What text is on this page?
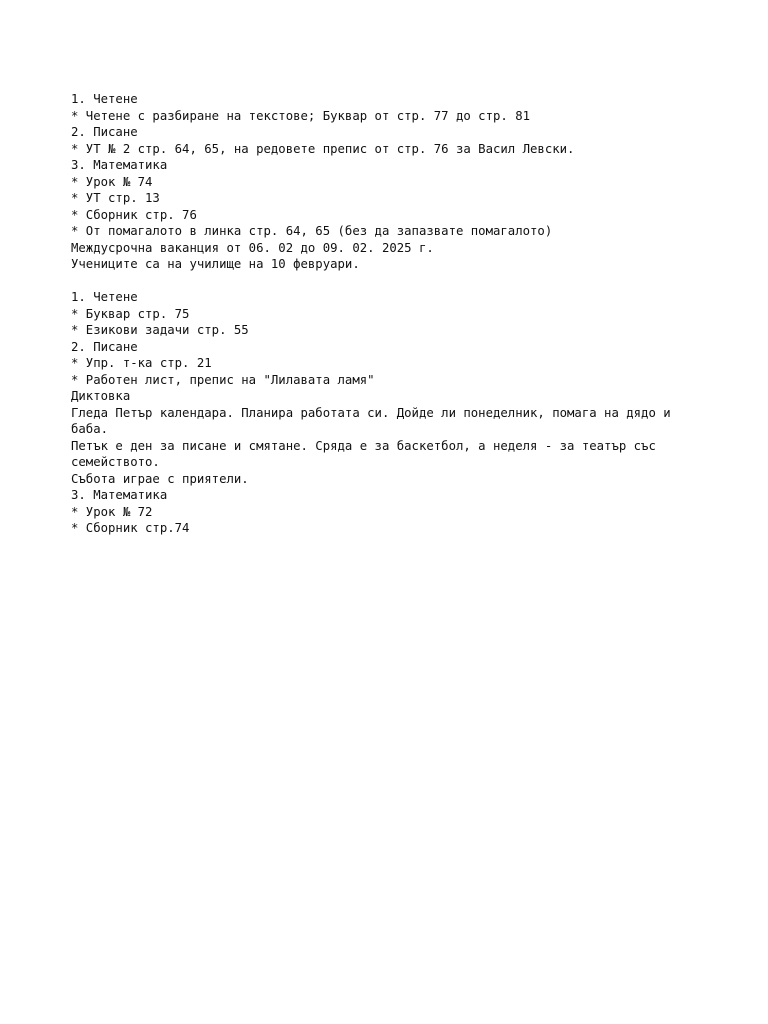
1. Четене
* Четене с разбиране на текстове; Буквар от стр. 77 до стр. 81
2. Писане
* УТ № 2 стр. 64, 65, на редовете препис от стр. 76 за Васил Левски.
3. Математика
* Урок № 74
* УТ стр. 13
* Сборник стр. 76
* От помагалото в линка стр. 64, 65 (без да запазвате помагалото)
Междусрочна ваканция от 06. 02 до 09. 02. 2025 г.
Учениците са на училище на 10 февруари.
1. Четене
* Буквар стр. 75
* Езикови задачи стр. 55
2. Писане
* Упр. т-ка стр. 21
* Работен лист, препис на "Лилавата ламя"
Диктовка
Гледа Петър календара. Планира работата си. Дойде ли понеделник, помага на дядо и баба.
Петък е ден за писане и смятане. Сряда е за баскетбол, а неделя - за театър със семейството.
Събота играе с приятели.
3. Математика
* Урок № 72
* Сборник стр.74
